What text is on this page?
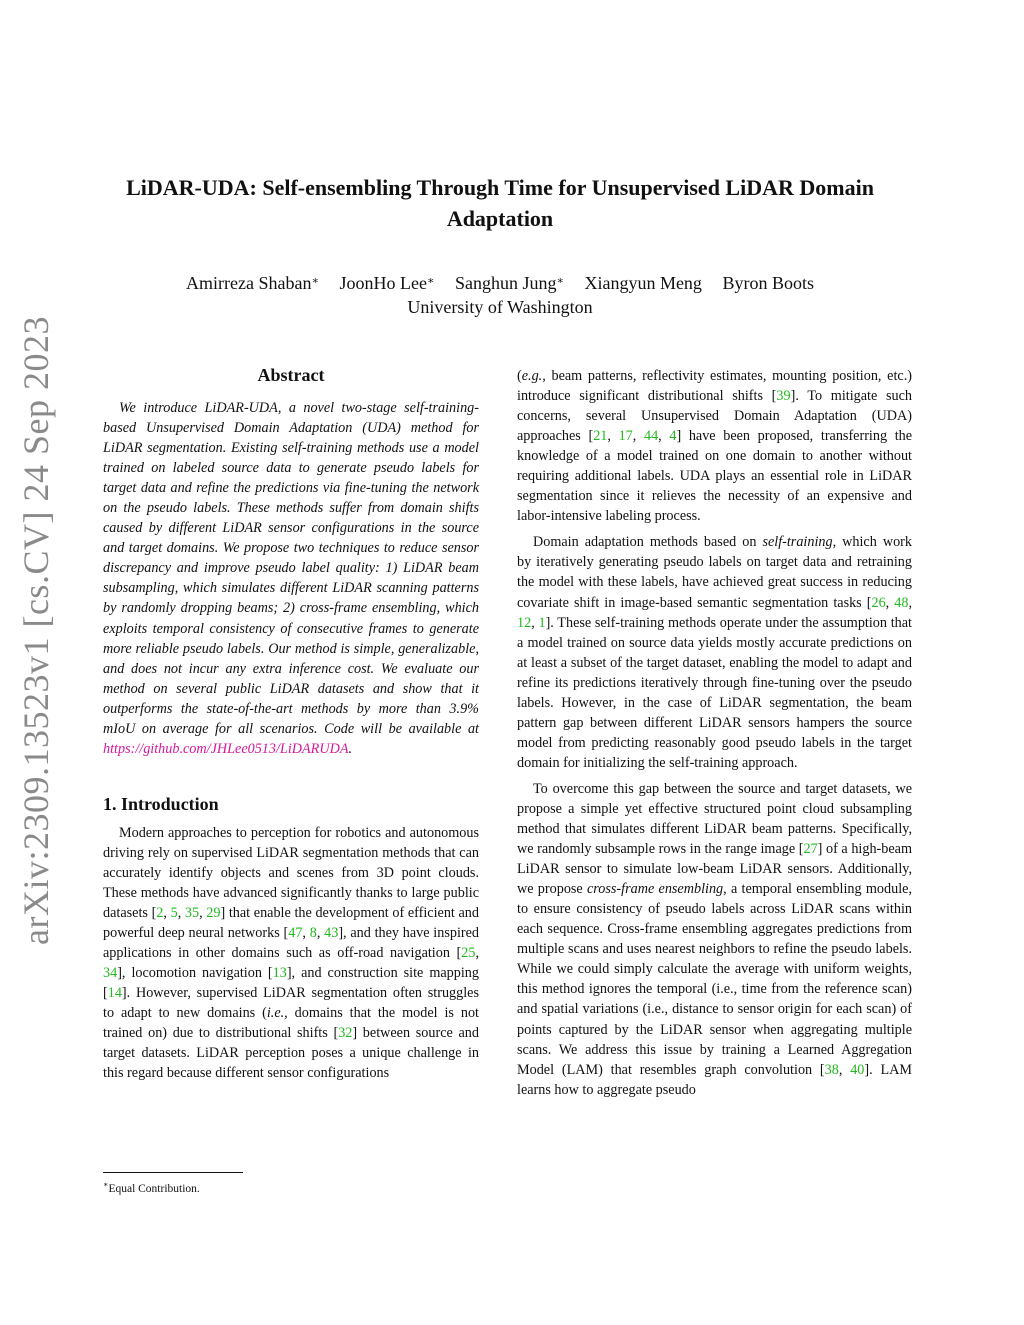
arXiv:2309.13523v1 [cs.CV] 24 Sep 2023
LiDAR-UDA: Self-ensembling Through Time for Unsupervised LiDAR Domain
Adaptation
Amirreza Shaban∗ JoonHo Lee∗ Sanghun Jung∗ Xiangyun Meng Byron Boots
University of Washington
Abstract

We introduce LiDAR-UDA, a novel two-stage self-training-based Unsupervised Domain Adaptation (UDA) method for LiDAR segmentation. Existing self-training methods use a model trained on labeled source data to generate pseudo labels for target data and refine the predictions via fine-tuning the network on the pseudo labels. These methods suffer from domain shifts caused by different LiDAR sensor configurations in the source and target domains. We propose two techniques to reduce sensor discrepancy and improve pseudo label quality: 1) LiDAR beam subsampling, which simulates different LiDAR scanning patterns by randomly dropping beams; 2) cross-frame ensembling, which exploits temporal consistency of consecutive frames to generate more reliable pseudo labels. Our method is simple, generalizable, and does not incur any extra inference cost. We evaluate our method on several public LiDAR datasets and show that it outperforms the state-of-the-art methods by more than 3.9% mIoU on average for all scenarios. Code will be available at https://github.com/JHLee0513/LiDARUDA.

1. Introduction

Modern approaches to perception for robotics and autonomous driving rely on supervised LiDAR segmentation methods that can accurately identify objects and scenes from 3D point clouds. These methods have advanced significantly thanks to large public datasets [2, 5, 35, 29] that enable the development of efficient and powerful deep neural networks [47, 8, 43], and they have inspired applications in other domains such as off-road navigation [25, 34], locomotion navigation [13], and construction site mapping [14]. However, supervised LiDAR segmentation often struggles to adapt to new domains (i.e., domains that the model is not trained on) due to distributional shifts [32] between source and target datasets. LiDAR perception poses a unique challenge in this regard because different sensor configurations

(e.g., beam patterns, reflectivity estimates, mounting position, etc.) introduce significant distributional shifts [39]. To mitigate such concerns, several Unsupervised Domain Adaptation (UDA) approaches [21, 17, 44, 4] have been proposed, transferring the knowledge of a model trained on one domain to another without requiring additional labels. UDA plays an essential role in LiDAR segmentation since it relieves the necessity of an expensive and labor-intensive labeling process.

Domain adaptation methods based on self-training, which work by iteratively generating pseudo labels on target data and retraining the model with these labels, have achieved great success in reducing covariate shift in image-based semantic segmentation tasks [26, 48, 12, 1]. These self-training methods operate under the assumption that a model trained on source data yields mostly accurate predictions on at least a subset of the target dataset, enabling the model to adapt and refine its predictions iteratively through fine-tuning over the pseudo labels. However, in the case of LiDAR segmentation, the beam pattern gap between different LiDAR sensors hampers the source model from predicting reasonably good pseudo labels in the target domain for initializing the self-training approach.

To overcome this gap between the source and target datasets, we propose a simple yet effective structured point cloud subsampling method that simulates different LiDAR beam patterns. Specifically, we randomly subsample rows in the range image [27] of a high-beam LiDAR sensor to simulate low-beam LiDAR sensors. Additionally, we propose cross-frame ensembling, a temporal ensembling module, to ensure consistency of pseudo labels across LiDAR scans within each sequence. Cross-frame ensembling aggregates predictions from multiple scans and uses nearest neighbors to refine the pseudo labels. While we could simply calculate the average with uniform weights, this method ignores the temporal (i.e., time from the reference scan) and spatial variations (i.e., distance to sensor origin for each scan) of points captured by the LiDAR sensor when aggregating multiple scans. We address this issue by training a Learned Aggregation Model (LAM) that resembles graph convolution [38, 40]. LAM learns how to aggregate pseudo

∗Equal Contribution.
